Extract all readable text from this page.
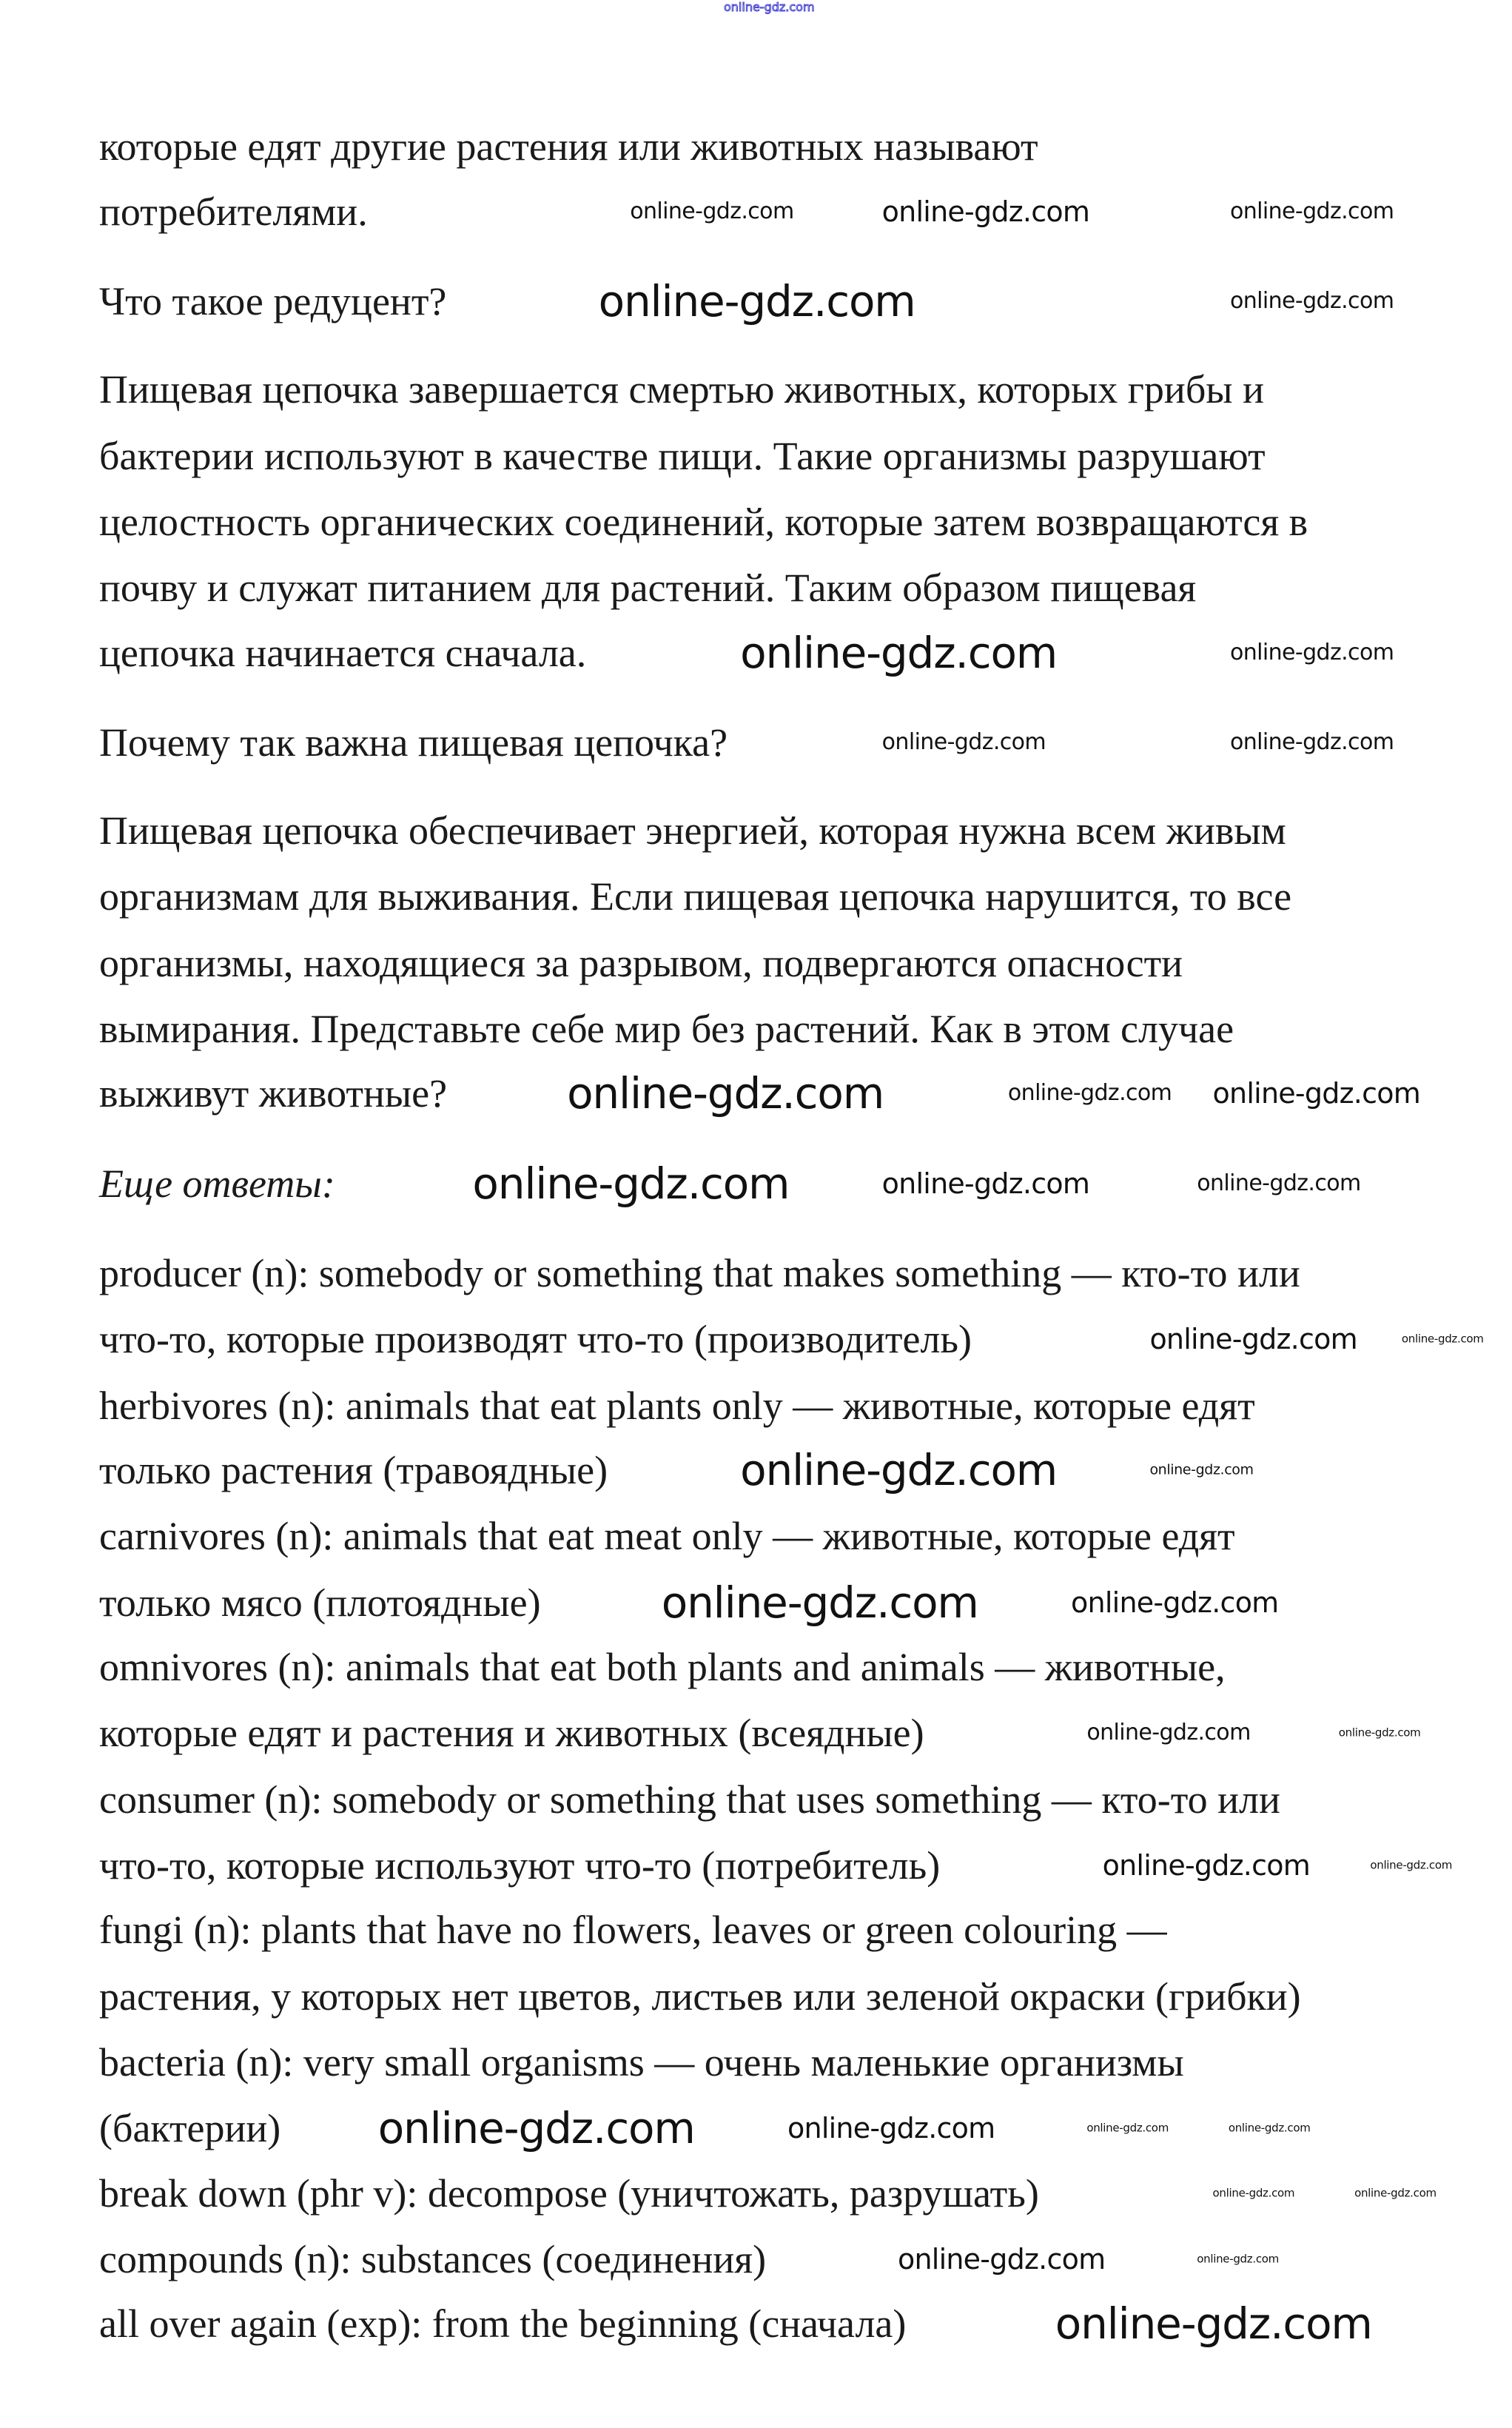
online-gdz.com
которые едят другие растения или животных называют
потребителями.
Что такое редуцент?
Пищевая цепочка завершается смертью животных, которых грибы и
бактерии используют в качестве пищи. Такие организмы разрушают
целостность органических соединений, которые затем возвращаются в
почву и служат питанием для растений. Таким образом пищевая
цепочка начинается сначала.
Почему так важна пищевая цепочка?
Пищевая цепочка обеспечивает энергией, которая нужна всем живым
организмам для выживания. Если пищевая цепочка нарушится, то все
организмы, находящиеся за разрывом, подвергаются опасности
вымирания. Представьте себе мир без растений. Как в этом случае
выживут животные?
Еще ответы:
producer (n): somebody or something that makes something — кто-то или
что-то, которые производят что-то (производитель)
herbivores (n): animals that eat plants only — животные, которые едят
только растения (травоядные)
carnivores (n): animals that eat meat only — животные, которые едят
только мясо (плотоядные)
omnivores (n): animals that eat both plants and animals — животные,
которые едят и растения и животных (всеядные)
consumer (n): somebody or something that uses something — кто-то или
что-то, которые используют что-то (потребитель)
fungi (n): plants that have no flowers, leaves or green colouring —
растения, у которых нет цветов, листьев или зеленой окраски (грибки)
bacteria (n): very small organisms — очень маленькие организмы
(бактерии)
break down (phr v): decompose (уничтожать, разрушать)
compounds (n): substances (соединения)
all over again (exp): from the beginning (сначала)
online-gdz.com
online-gdz.com
online-gdz.com
online-gdz.com
online-gdz.com
online-gdz.com	online-gdz.com
online-gdz.com
online-gdz.com
online-gdz.com online-gdz.com
online-gdz.com
online-gdz.com
online-gdz.com
online-gdz.com
online-gdz.com
online-gdz.com	online-gdz.com
online-gdz.com
online-gdz.com
online-gdz.com	online-gdz.com	online-gdz.com	online-gdz.com
online-gdz.com
online-gdz.com
online-gdz.com
online-gdz.com
online-gdz.com
online-gdz.com
online-gdz.com
online-gdz.com
online-gdz.com	online-gdz.com
